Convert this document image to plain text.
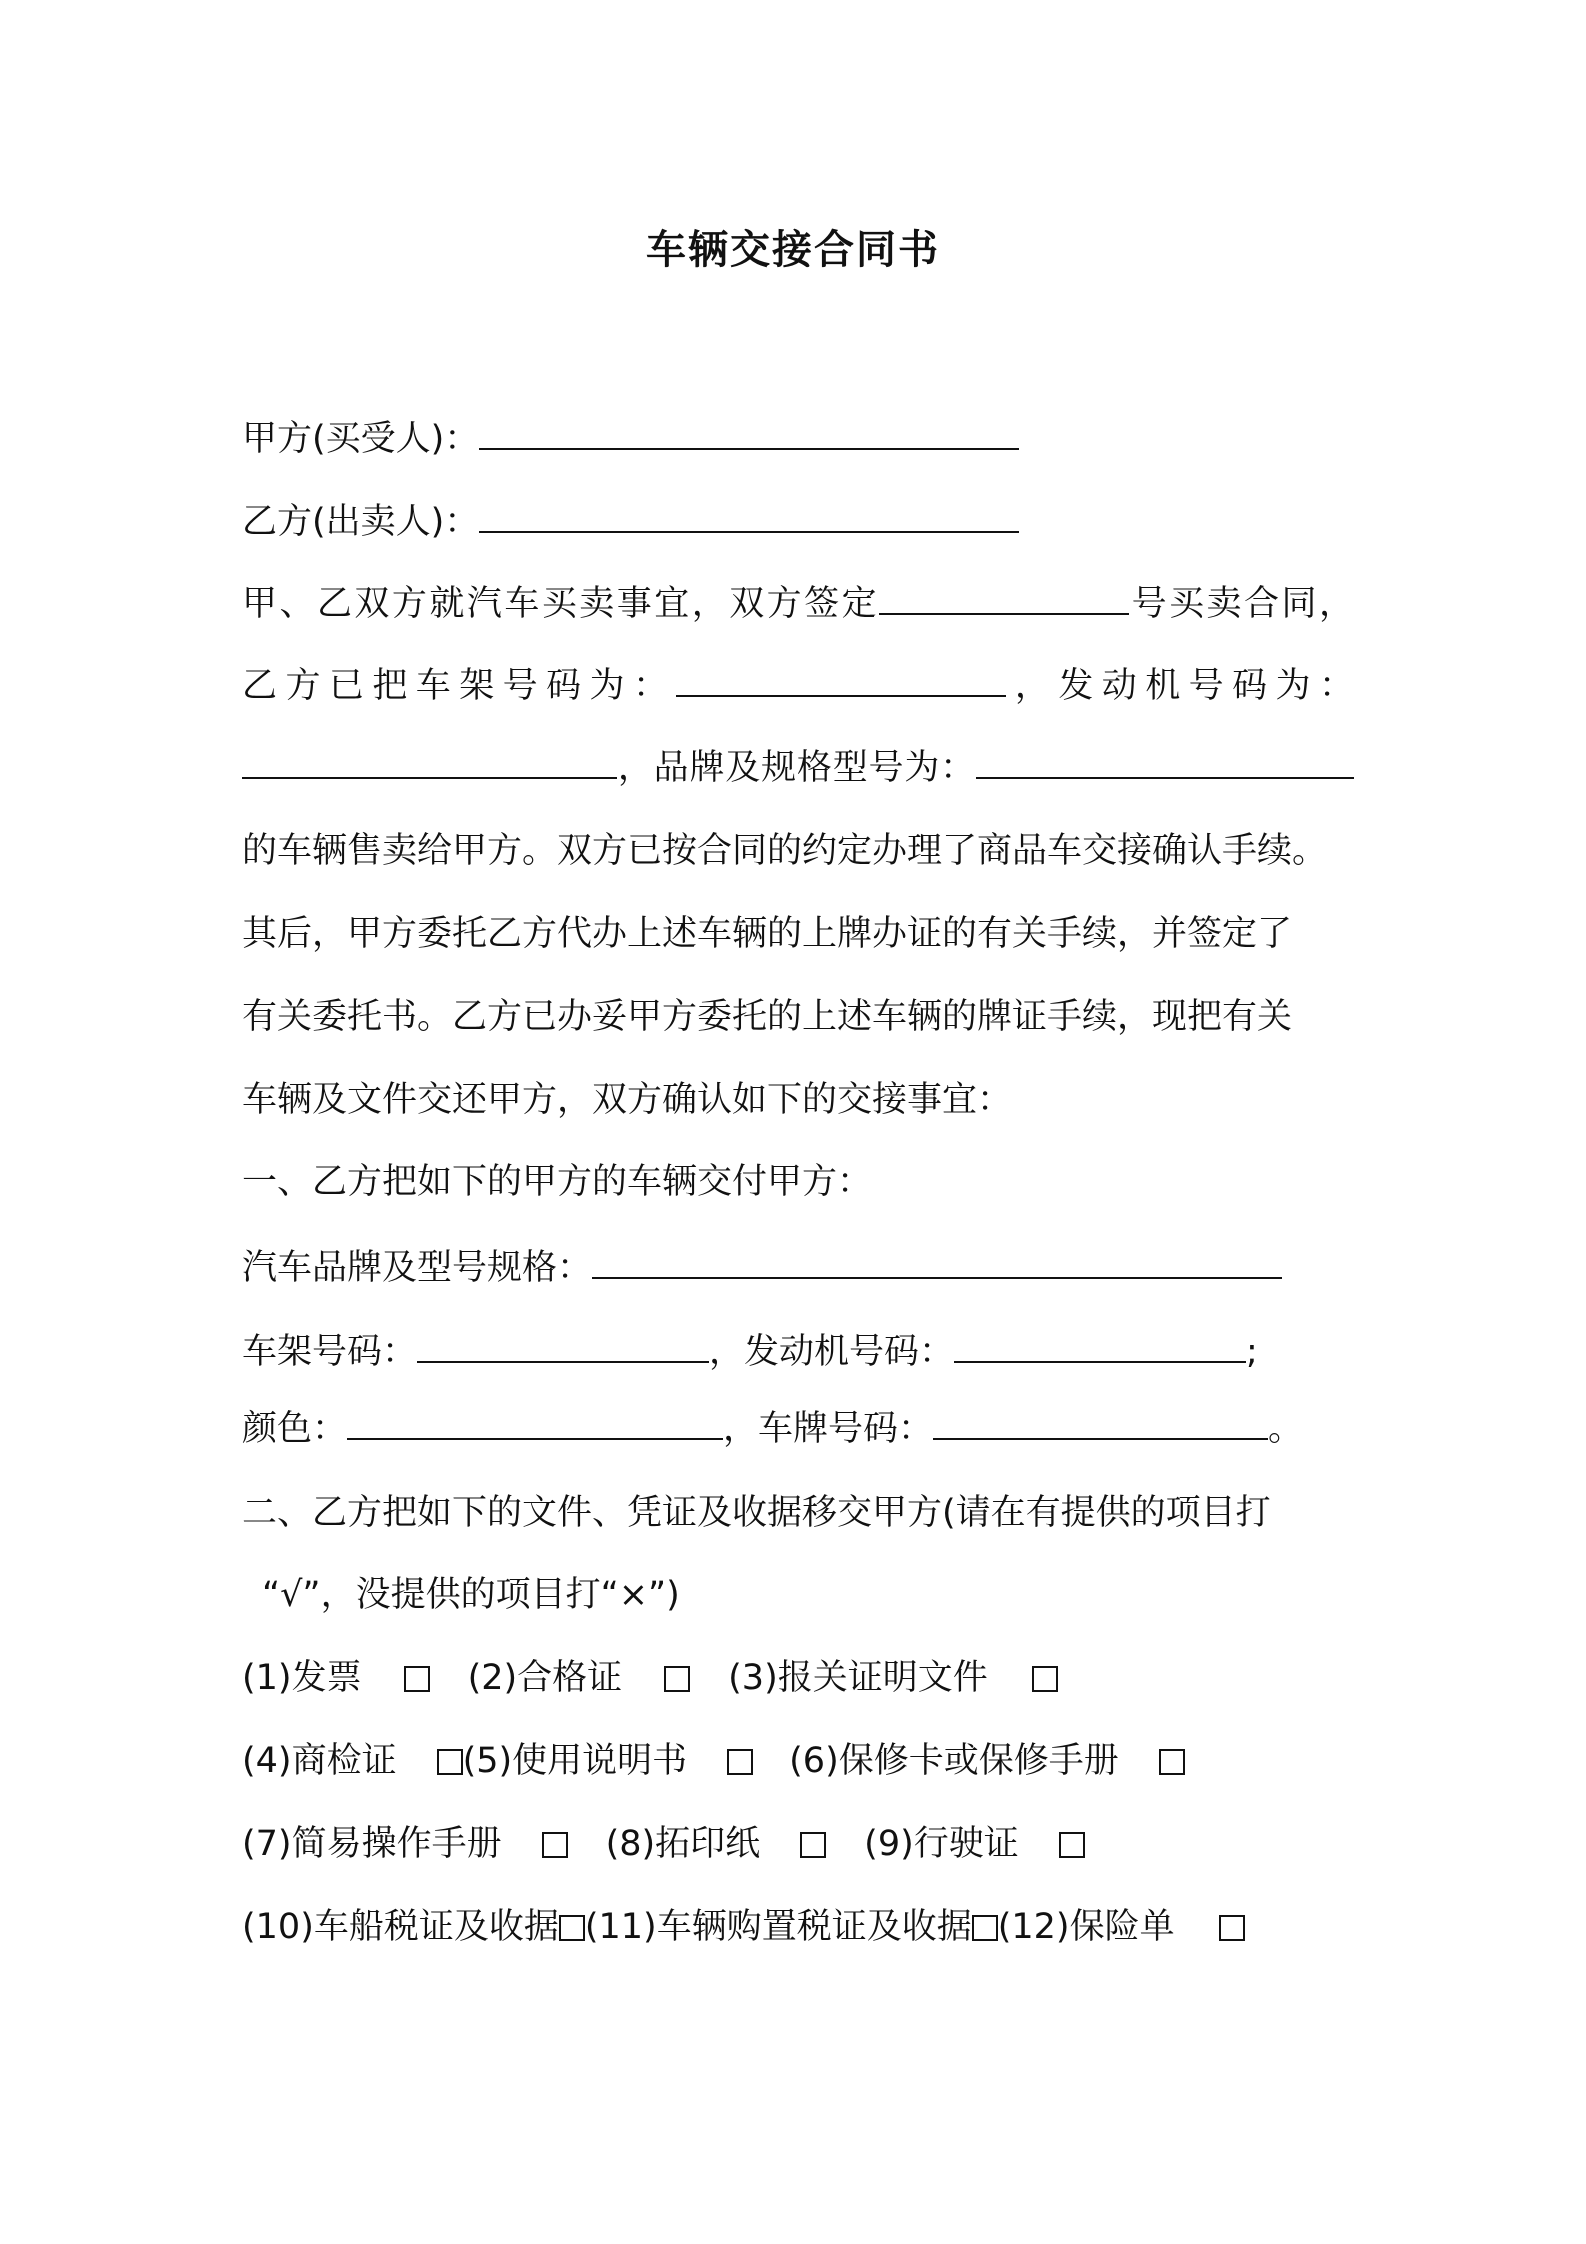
车辆交接合同书
甲方(买受人)：
乙方(出卖人)：
甲、乙双方就汽车买卖事宜，双方签定	号买卖合同，
乙方已把车架号码为：	，发动机号码为：
，品牌及规格型号为：
的车辆售卖给甲方。双方已按合同的约定办理了商品车交接确认手续。
其后，甲方委托乙方代办上述车辆的上牌办证的有关手续，并签定了
有关委托书。乙方已办妥甲方委托的上述车辆的牌证手续，现把有关
车辆及文件交还甲方，双方确认如下的交接事宜：
一、乙方把如下的甲方的车辆交付甲方：
汽车品牌及型号规格：
车架号码：	，发动机号码：	;
颜色：	，车牌号码：	。
二、乙方把如下的文件、凭证及收据移交甲方(请在有提供的项目打
“√”，没提供的项目打“×”)
(1)发票	(2)合格证	(3)报关证明文件
(4)商检证 (5)使用说明书	(6)保修卡或保修手册
(7)简易操作手册	(8)拓印纸	(9)行驶证
(10)车船税证及收据 (11)车辆购置税证及收据 (12)保险单
